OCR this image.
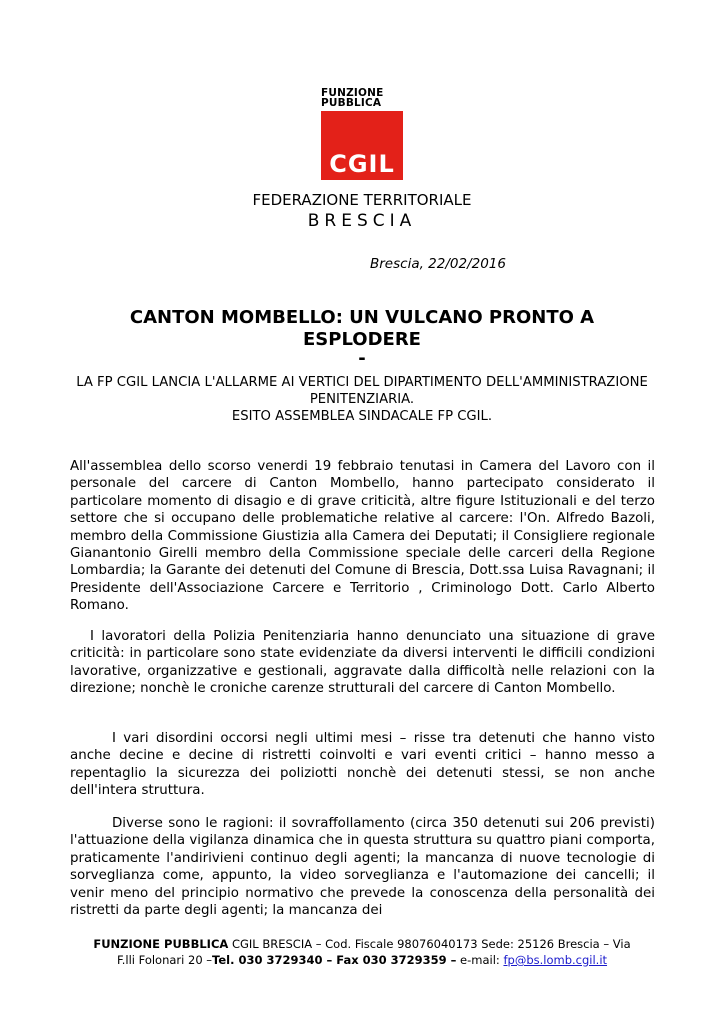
FUNZIONE
PUBBLICA
CGIL
FEDERAZIONE TERRITORIALE
BRESCIA
Brescia, 22/02/2016
CANTON MOMBELLO: UN VULCANO PRONTO A ESPLODERE
-
LA FP CGIL LANCIA L'ALLARME AI VERTICI DEL DIPARTIMENTO DELL'AMMINISTRAZIONE PENITENZIARIA.
ESITO ASSEMBLEA SINDACALE FP CGIL.
All'assemblea dello scorso venerdi 19 febbraio tenutasi in Camera del Lavoro con il personale del carcere di Canton Mombello, hanno partecipato considerato il particolare momento di disagio e di grave criticità, altre figure Istituzionali e del terzo settore che si occupano delle problematiche relative al carcere: l'On. Alfredo Bazoli, membro della Commissione Giustizia alla Camera dei Deputati; il Consigliere regionale Gianantonio Girelli membro della Commissione speciale delle carceri della Regione Lombardia; la Garante dei detenuti del Comune di Brescia, Dott.ssa Luisa Ravagnani; il Presidente dell'Associazione Carcere e Territorio , Criminologo Dott. Carlo Alberto Romano.
I lavoratori della Polizia Penitenziaria hanno denunciato una situazione di grave criticità: in particolare sono state evidenziate da diversi interventi le difficili condizioni lavorative, organizzative e gestionali, aggravate dalla difficoltà nelle relazioni con la direzione; nonchè le croniche carenze strutturali del carcere di Canton Mombello.
I vari disordini occorsi negli ultimi mesi – risse tra detenuti che hanno visto anche decine e decine di ristretti coinvolti e vari eventi critici – hanno messo a repentaglio la sicurezza dei poliziotti nonchè dei detenuti stessi, se non anche dell'intera struttura.
Diverse sono le ragioni: il sovraffollamento (circa 350 detenuti sui 206 previsti) l'attuazione della vigilanza dinamica che in questa struttura su quattro piani comporta, praticamente l'andirivieni continuo degli agenti; la mancanza di nuove tecnologie di sorveglianza come, appunto, la video sorveglianza e l'automazione dei cancelli; il venir meno del principio normativo che prevede la conoscenza della personalità dei ristretti da parte degli agenti; la mancanza dei
FUNZIONE PUBBLICA CGIL BRESCIA – Cod. Fiscale 98076040173 Sede: 25126 Brescia – Via
F.lli Folonari 20 –Tel. 030 3729340 – Fax 030 3729359 – e-mail: fp@bs.lomb.cgil.it
